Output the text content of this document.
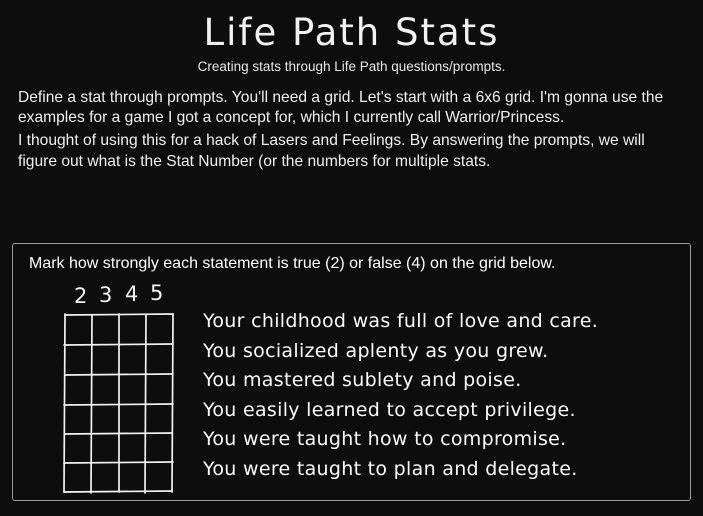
Life Path Stats

Creating stats through Life Path questions/prompts.

Define a stat through prompts. You'll need a grid. Let's start with a 6x6 grid. I'm gonna use the examples for a game I got a concept for, which I currently call Warrior/Princess.

I thought of using this for a hack of Lasers and Feelings. By answering the prompts, we will figure out what is the Stat Number (or the numbers for multiple stats.

Mark how strongly each statement is true (2) or false (4) on the grid below.
2 3 4 5
Your childhood was full of love and care.
You socialized aplenty as you grew.
You mastered sublety and poise.
You easily learned to accept privilege.
You were taught how to compromise.
You were taught to plan and delegate.
